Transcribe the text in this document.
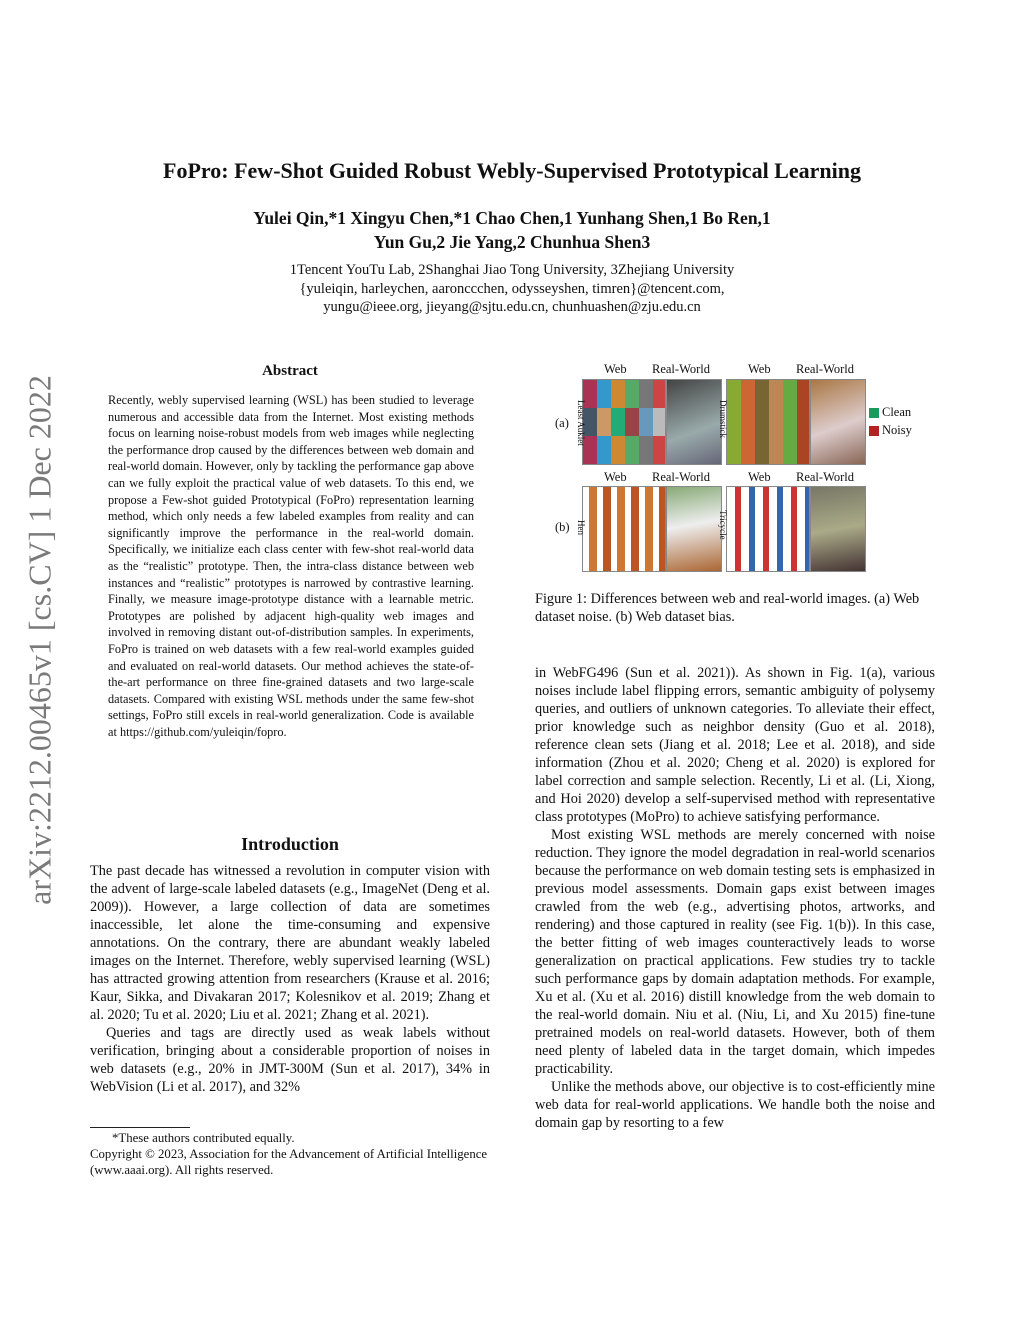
FoPro: Few-Shot Guided Robust Webly-Supervised Prototypical Learning
Yulei Qin,*1 Xingyu Chen,*1 Chao Chen,1 Yunhang Shen,1 Bo Ren,1
Yun Gu,2 Jie Yang,2 Chunhua Shen3
1Tencent YouTu Lab, 2Shanghai Jiao Tong University, 3Zhejiang University
{yuleiqin, harleychen, aaronccchen, odysseyshen, timren}@tencent.com,
yungu@ieee.org, jieyang@sjtu.edu.cn, chunhuashen@zju.edu.cn
arXiv:2212.00465v1 [cs.CV] 1 Dec 2022
Abstract
Recently, webly supervised learning (WSL) has been studied to leverage numerous and accessible data from the Internet. Most existing methods focus on learning noise-robust models from web images while neglecting the performance drop caused by the differences between web domain and real-world domain. However, only by tackling the performance gap above can we fully exploit the practical value of web datasets. To this end, we propose a Few-shot guided Prototypical (FoPro) representation learning method, which only needs a few labeled examples from reality and can significantly improve the performance in the real-world domain. Specifically, we initialize each class center with few-shot real-world data as the “realistic” prototype. Then, the intra-class distance between web instances and “realistic” prototypes is narrowed by contrastive learning. Finally, we measure image-prototype distance with a learnable metric. Prototypes are polished by adjacent high-quality web images and involved in removing distant out-of-distribution samples. In experiments, FoPro is trained on web datasets with a few real-world examples guided and evaluated on real-world datasets. Our method achieves the state-of-the-art performance on three fine-grained datasets and two large-scale datasets. Compared with existing WSL methods under the same few-shot settings, FoPro still excels in real-world generalization. Code is available at https://github.com/yuleiqin/fopro.
Introduction

The past decade has witnessed a revolution in computer vision with the advent of large-scale labeled datasets (e.g., ImageNet (Deng et al. 2009)). However, a large collection of data are sometimes inaccessible, let alone the time-consuming and expensive annotations. On the contrary, there are abundant weakly labeled images on the Internet. Therefore, webly supervised learning (WSL) has attracted growing attention from researchers (Krause et al. 2016; Kaur, Sikka, and Divakaran 2017; Kolesnikov et al. 2019; Zhang et al. 2020; Tu et al. 2020; Liu et al. 2021; Zhang et al. 2021).

Queries and tags are directly used as weak labels without verification, bringing about a considerable proportion of noises in web datasets (e.g., 20% in JMT-300M (Sun et al. 2017), 34% in WebVision (Li et al. 2017), and 32%

*These authors contributed equally.
Copyright © 2023, Association for the Advancement of Artificial Intelligence (www.aaai.org). All rights reserved.
Web Real-World	Web Real-World
(a) Least Auklet	Drumstick	Clean
Noisy
Web Real-World	Web Real-World
(b) Hen	Tricycle
Figure 1: Differences between web and real-world images. (a) Web dataset noise. (b) Web dataset bias.

in WebFG496 (Sun et al. 2021)). As shown in Fig. 1(a), various noises include label flipping errors, semantic ambiguity of polysemy queries, and outliers of unknown categories. To alleviate their effect, prior knowledge such as neighbor density (Guo et al. 2018), reference clean sets (Jiang et al. 2018; Lee et al. 2018), and side information (Zhou et al. 2020; Cheng et al. 2020) is explored for label correction and sample selection. Recently, Li et al. (Li, Xiong, and Hoi 2020) develop a self-supervised method with representative class prototypes (MoPro) to achieve satisfying performance.

Most existing WSL methods are merely concerned with noise reduction. They ignore the model degradation in real-world scenarios because the performance on web domain testing sets is emphasized in previous model assessments. Domain gaps exist between images crawled from the web (e.g., advertising photos, artworks, and rendering) and those captured in reality (see Fig. 1(b)). In this case, the better fitting of web images counteractively leads to worse generalization on practical applications. Few studies try to tackle such performance gaps by domain adaptation methods. For example, Xu et al. (Xu et al. 2016) distill knowledge from the web domain to the real-world domain. Niu et al. (Niu, Li, and Xu 2015) fine-tune pretrained models on real-world datasets. However, both of them need plenty of labeled data in the target domain, which impedes practicability.

Unlike the methods above, our objective is to cost-efficiently mine web data for real-world applications. We handle both the noise and domain gap by resorting to a few
